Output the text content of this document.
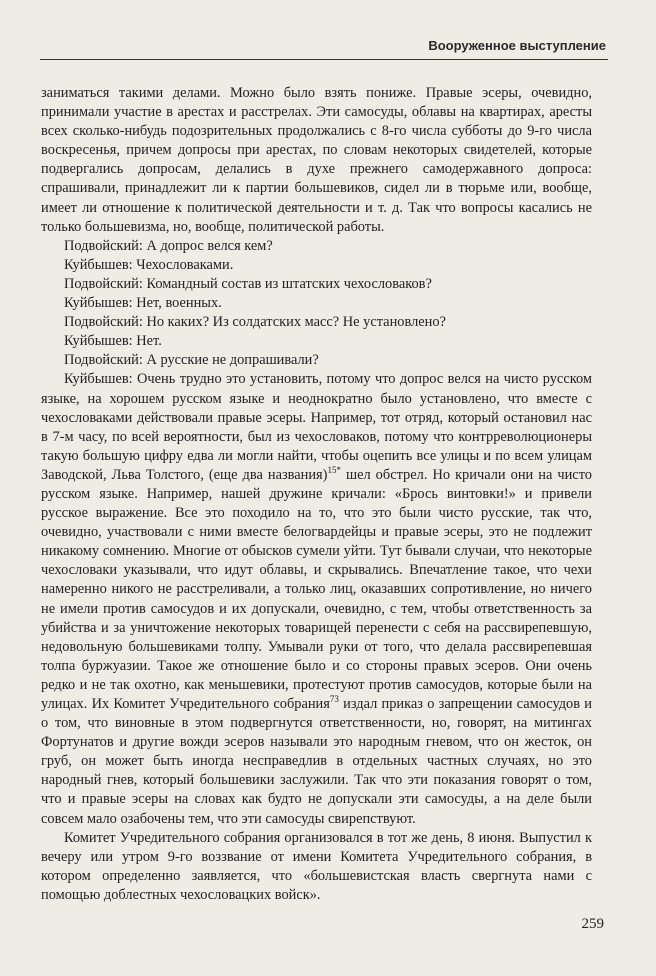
Вооруженное выступление

заниматься такими делами. Можно было взять пониже. Правые эсеры, очевидно, принимали участие в арестах и расстрелах. Эти самосуды, облавы на квартирах, аресты всех сколько-нибудь подозрительных продолжались с 8-го числа субботы до 9-го числа воскресенья, причем допросы при арестах, по словам некоторых свидетелей, которые подвергались допросам, делались в духе прежнего самодержавного допроса: спрашивали, принадлежит ли к партии большевиков, сидел ли в тюрьме или, вообще, имеет ли отношение к политической деятельности и т. д. Так что вопросы касались не только большевизма, но, вообще, политической работы.

Подвойский: А допрос велся кем?

Куйбышев: Чехословаками.

Подвойский: Командный состав из штатских чехословаков?

Куйбышев: Нет, военных.

Подвойский: Но каких? Из солдатских масс? Не установлено?

Куйбышев: Нет.

Подвойский: А русские не допрашивали?

Куйбышев: Очень трудно это установить, потому что допрос велся на чисто русском языке, на хорошем русском языке и неоднократно было установлено, что вместе с чехословаками действовали правые эсеры. Например, тот отряд, который остановил нас в 7-м часу, по всей вероятности, был из чехословаков, потому что контрреволюционеры такую большую цифру едва ли могли найти, чтобы оцепить все улицы и по всем улицам Заводской, Льва Толстого, (еще два названия)$^{15*}$ шел обстрел. Но кричали они на чисто русском языке. Например, нашей дружине кричали: «Брось винтовки!» и привели русское выражение. Все это походило на то, что это были чисто русские, так что, очевидно, участвовали с ними вместе белогвардейцы и правые эсеры, это не подлежит никакому сомнению. Многие от обысков сумели уйти. Тут бывали случаи, что некоторые чехословаки указывали, что идут облавы, и скрывались. Впечатление такое, что чехи намеренно никого не расстреливали, а только лиц, оказавших сопротивление, но ничего не имели против самосудов и их допускали, очевидно, с тем, чтобы ответственность за убийства и за уничтожение некоторых товарищей перенести с себя на рассвирепевшую, недовольную большевиками толпу. Умывали руки от того, что делала рассвирепевшая толпа буржуазии. Такое же отношение было и со стороны правых эсеров. Они очень редко и не так охотно, как меньшевики, протестуют против самосудов, которые были на улицах. Их Комитет Учредительного собрания$^{73}$ издал приказ о запрещении самосудов и о том, что виновные в этом подвергнутся ответственности, но, говорят, на митингах Фортунатов и другие вожди эсеров называли это народным гневом, что он жесток, он груб, он может быть иногда несправедлив в отдельных частных случаях, но это народный гнев, который большевики заслужили. Так что эти показания говорят о том, что и правые эсеры на словах как будто не допускали эти самосуды, а на деле были совсем мало озабочены тем, что эти самосуды свирепствуют.

Комитет Учредительного собрания организовался в тот же день, 8 июня. Выпустил к вечеру или утром 9-го воззвание от имени Комитета Учредительного собрания, в котором определенно заявляется, что «большевистская власть свергнута нами с помощью доблестных чехословацких войск».

259
